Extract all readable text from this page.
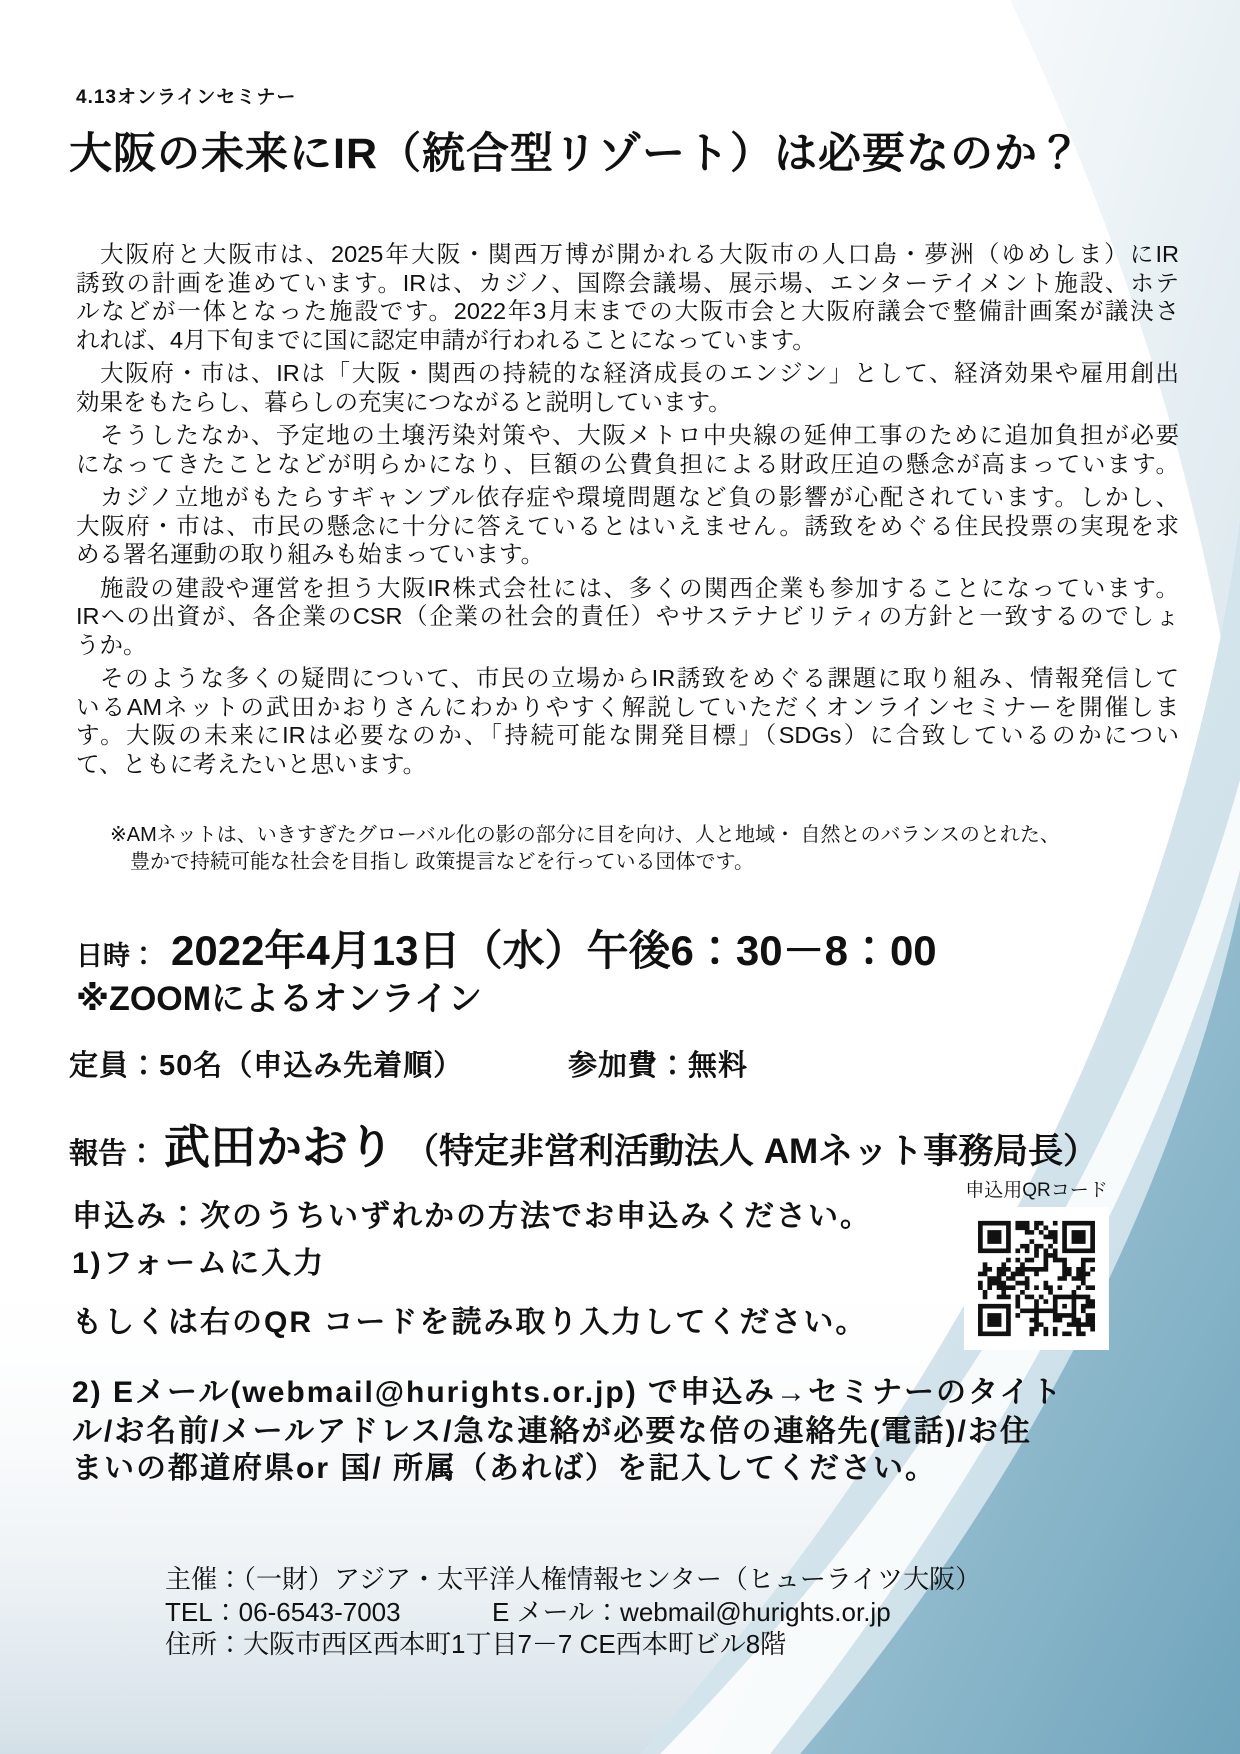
4.13オンラインセミナー
大阪の未来にIR（統合型リゾート）は必要なのか？
大阪府と大阪市は、2025年大阪・関西万博が開かれる大阪市の人口島・夢洲（ゆめしま）にIR
誘致の計画を進めています。IRは、カジノ、国際会議場、展示場、エンターテイメント施設、ホテ
ルなどが一体となった施設です。2022年3月末までの大阪市会と大阪府議会で整備計画案が議決さ
れれば、4月下旬までに国に認定申請が行われることになっています。
大阪府・市は、IRは「大阪・関西の持続的な経済成長のエンジン」として、経済効果や雇用創出
効果をもたらし、暮らしの充実につながると説明しています。
そうしたなか、予定地の土壌汚染対策や、大阪メトロ中央線の延伸工事のために追加負担が必要
になってきたことなどが明らかになり、巨額の公費負担による財政圧迫の懸念が高まっています。
カジノ立地がもたらすギャンブル依存症や環境問題など負の影響が心配されています。しかし、
大阪府・市は、市民の懸念に十分に答えているとはいえません。誘致をめぐる住民投票の実現を求
める署名運動の取り組みも始まっています。
施設の建設や運営を担う大阪IR株式会社には、多くの関西企業も参加することになっています。
IRへの出資が、各企業のCSR（企業の社会的責任）やサステナビリティの方針と一致するのでしょ
うか。
そのような多くの疑問について、市民の立場からIR誘致をめぐる課題に取り組み、情報発信して
いるAMネットの武田かおりさんにわかりやすく解説していただくオンラインセミナーを開催しま
す。大阪の未来にIRは必要なのか、「持続可能な開発目標」（SDGs）に合致しているのかについ
て、ともに考えたいと思います。
※AMネットは、いきすぎたグローバル化の影の部分に目を向け、人と地域・ 自然とのバランスのとれた、
豊かで持続可能な社会を目指し 政策提言などを行っている団体です。
日時： 2022年4月13日（水）午後6：30－8：00
※ZOOMによるオンライン
定員：50名（申込み先着順）	参加費：無料
報告： 武田かおり （特定非営利活動法人 AMネット事務局長）
申込用QRコード
申込み：次のうちいずれかの方法でお申込みください。
1)フォームに入力
もしくは右のQR コードを読み取り入力してください。
2) Eメール(webmail@hurights.or.jp) で申込み→セミナーのタイト
ル/お名前/メールアドレス/急な連絡が必要な倍の連絡先(電話)/お住
まいの都道府県or 国/ 所属（あれば）を記入してください。
主催：（一財）アジア・太平洋人権情報センター（ヒューライツ大阪）
TEL：06-6543-7003	E メール：webmail@hurights.or.jp
住所：大阪市西区西本町1丁目7－7 CE西本町ビル8階
